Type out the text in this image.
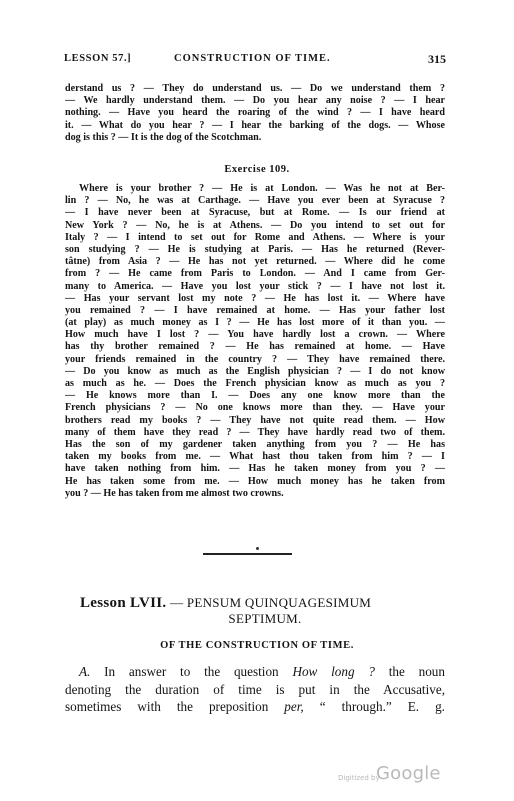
LESSON 57.]	CONSTRUCTION OF TIME.	315
derstand us ? — They do understand us. — Do we understand them ?
— We hardly understand them. — Do you hear any noise ? — I hear
nothing. — Have you heard the roaring of the wind ? — I have heard
it. — What do you hear ? — I hear the barking of the dogs. — Whose
dog is this ? — It is the dog of the Scotchman.
Exercise 109.
Where is your brother ? — He is at London. — Was he not at Ber-
lin ? — No, he was at Carthage. — Have you ever been at Syracuse ?
— I have never been at Syracuse, but at Rome. — Is our friend at
New York ? — No, he is at Athens. — Do you intend to set out for
Italy ? — I intend to set out for Rome and Athens. — Where is your
son studying ? — He is studying at Paris. — Has he returned (Rever-
tâtne) from Asia ? — He has not yet returned. — Where did he come
from ? — He came from Paris to London. — And I came from Ger-
many to America. — Have you lost your stick ? — I have not lost it.
— Has your servant lost my note ? — He has lost it. — Where have
you remained ? — I have remained at home. — Has your father lost
(at play) as much money as I ? — He has lost more of it than you. —
How much have I lost ? — You have hardly lost a crown. — Where
has thy brother remained ? — He has remained at home. — Have
your friends remained in the country ? — They have remained there.
— Do you know as much as the English physician ? — I do not know
as much as he. — Does the French physician know as much as you ?
— He knows more than I. — Does any one know more than the
French physicians ? — No one knows more than they. — Have your
brothers read my books ? — They have not quite read them. — How
many of them have they read ? — They have hardly read two of them.
Has the son of my gardener taken anything from you ? — He has
taken my books from me. — What hast thou taken from him ? — I
have taken nothing from him. — Has he taken money from you ? —
He has taken some from me. — How much money has he taken from
you ? — He has taken from me almost two crowns.
Lesson LVII. — PENSUM QUINQUAGESIMUM
SEPTIMUM.
OF THE CONSTRUCTION OF TIME.
A. In answer to the question How long ? the noun
denoting the duration of time is put in the Accusative,
sometimes with the preposition per, “ through.” E. g.
Digitized by
Google
